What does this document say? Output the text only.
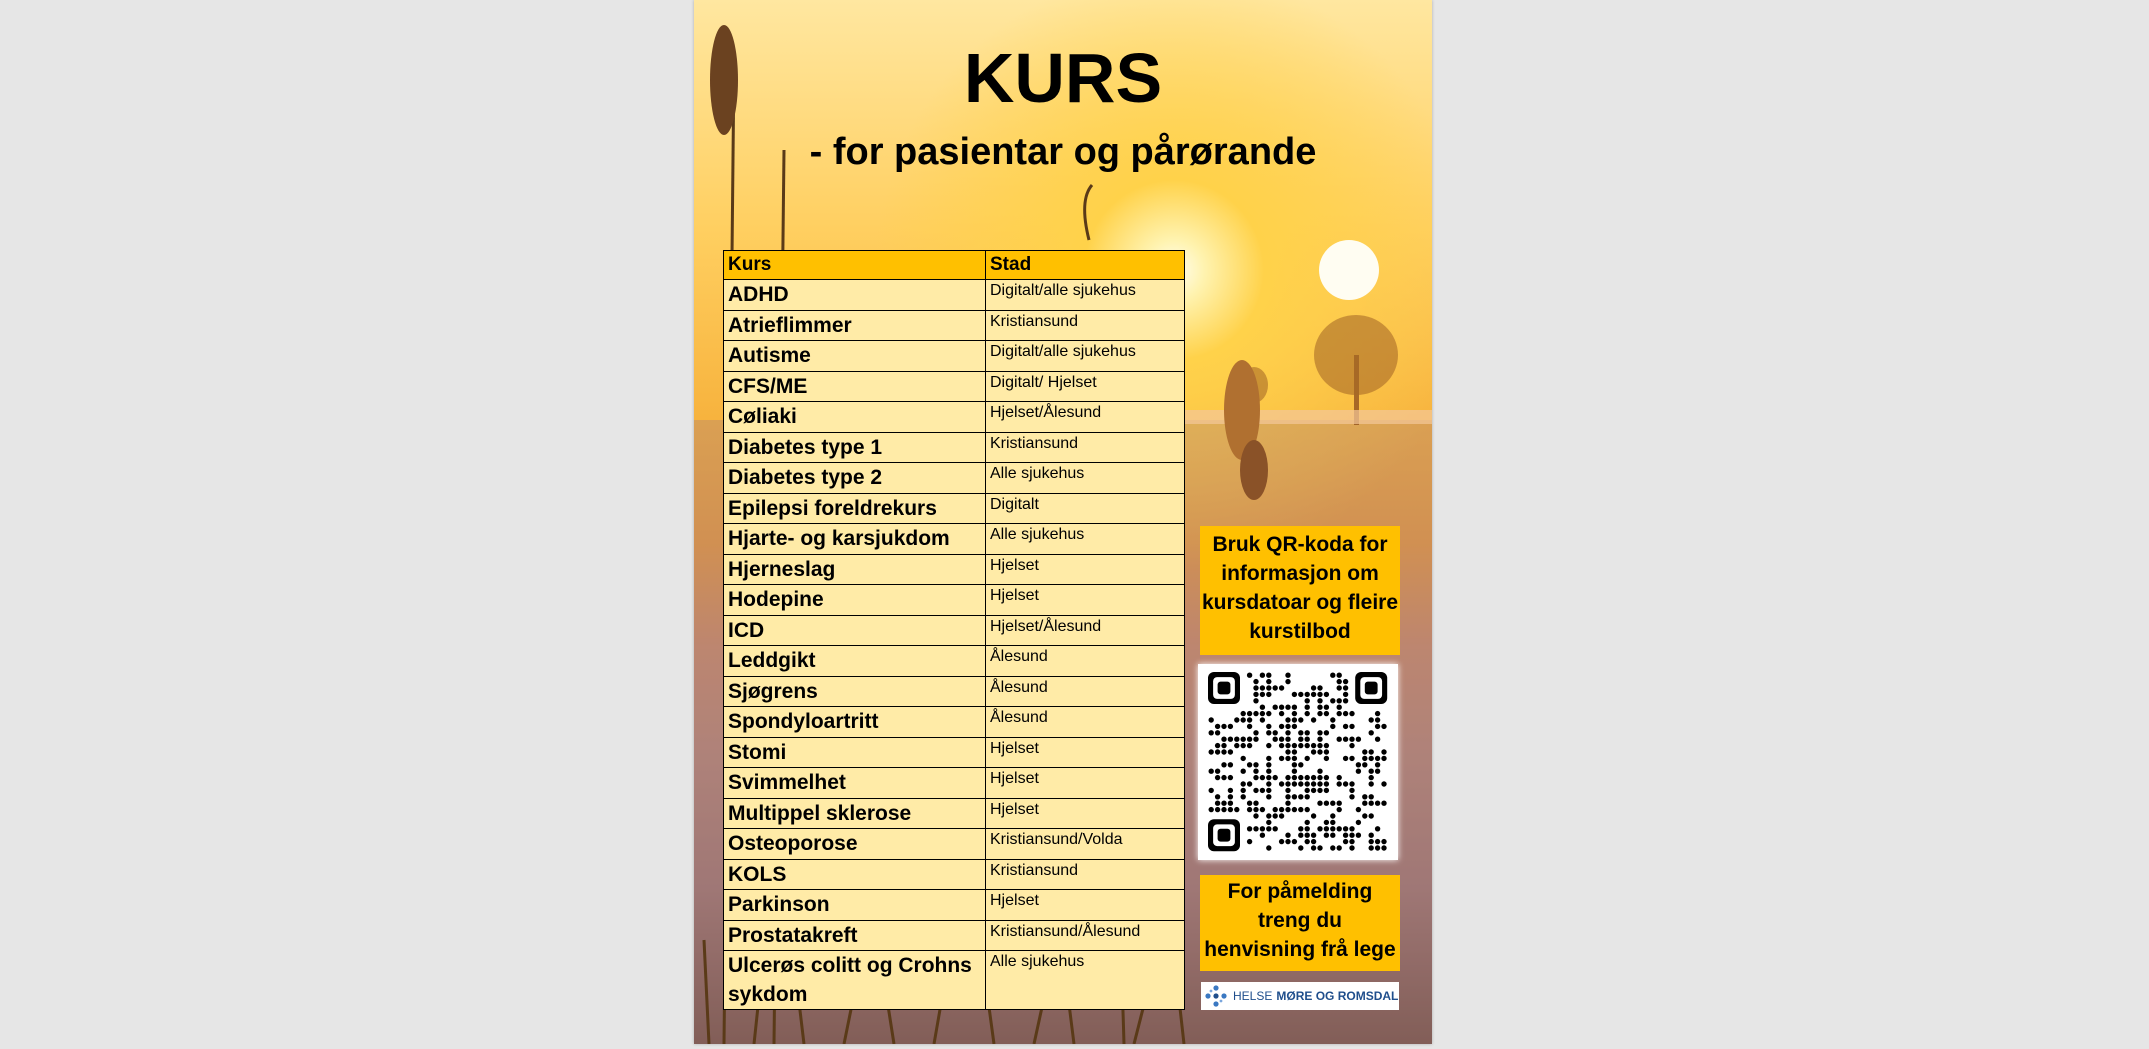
KURS
- for pasientar og pårørande
Kurs	Stad
ADHD	Digitalt/alle sjukehus
Atrieflimmer	Kristiansund
Autisme	Digitalt/alle sjukehus
CFS/ME	Digitalt/ Hjelset
Cøliaki	Hjelset/Ålesund
Diabetes type 1	Kristiansund
Diabetes type 2	Alle sjukehus
Epilepsi foreldrekurs	Digitalt
Hjarte- og karsjukdom	Alle sjukehus
Hjerneslag	Hjelset
Hodepine	Hjelset
ICD	Hjelset/Ålesund
Leddgikt	Ålesund
Sjøgrens	Ålesund
Spondyloartritt	Ålesund
Stomi	Hjelset
Svimmelhet	Hjelset
Multippel sklerose	Hjelset
Osteoporose	Kristiansund/Volda
KOLS	Kristiansund
Parkinson	Hjelset
Prostatakreft	Kristiansund/Ålesund
Ulcerøs colitt og Crohns sykdom	Alle sjukehus
Bruk QR-koda for informasjon om kursdatoar og fleire kurstilbod
For påmelding treng du henvisning frå lege
HELSE MØRE OG ROMSDAL
